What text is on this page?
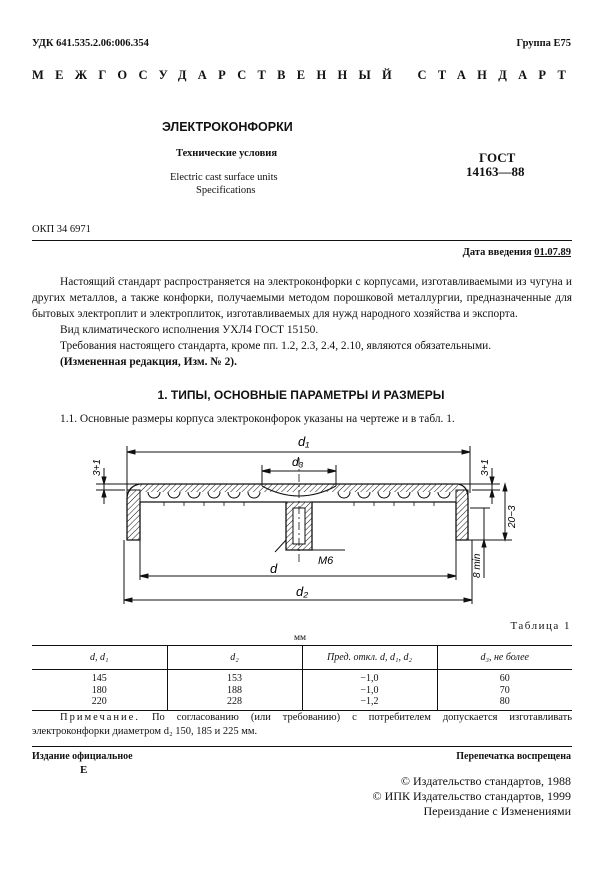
УДК 641.535.2.06:006.354	Группа Е75
МЕЖГОСУДАРСТВЕННЫЙ СТАНДАРТ
ЭЛЕКТРОКОНФОРКИ
Технические условия
Electric cast surface units
Specifications
ГОСТ
14163—88
ОКП 34 6971
Дата введения 01.07.89

Настоящий стандарт распространяется на электроконфорки с корпусами, изготавливаемыми из чугуна и других металлов, а также конфорки, получаемыми методом порошковой металлургии, предназначенные для бытовых электроплит и электроплиток, изготавливаемых для нужд народного хозяйства и экспорта.

Вид климатического исполнения УХЛ4 ГОСТ 15150.

Требования настоящего стандарта, кроме пп. 1.2, 2.3, 2.4, 2.10, являются обязательными.

(Измененная редакция, Изм. № 2).

1. ТИПЫ, ОСНОВНЫЕ ПАРАМЕТРЫ И РАЗМЕРЫ
1.1. Основные размеры корпуса электроконфорок указаны на чертеже и в табл. 1.
d₁
d₃
d
d₂
M6
3+1	3+1
20−3
8 min
Таблица 1
мм
d, d₁	d₂	Пред. откл. d, d₁, d₂	d₃, не более
145	153	−1,0	60
180	188	−1,0	70
220	228	−1,2	80
Примечание. По согласованию (или требованию) с потребителем допускается изготавливать электроконфорки диаметром d₂ 150, 185 и 225 мм.
Издание официальное
Е
Перепечатка воспрещена
© Издательство стандартов, 1988
© ИПК Издательство стандартов, 1999
Переиздание с Изменениями
